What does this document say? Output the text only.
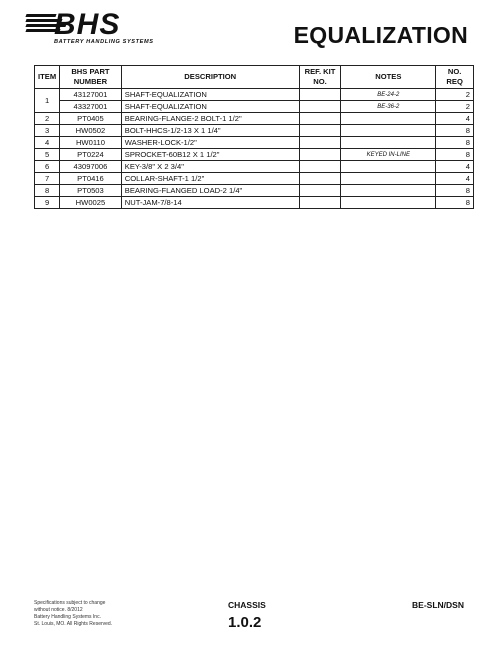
BHS
BATTERY HANDLING SYSTEMS	EQUALIZATION
ITEM	BHS PART NUMBER	DESCRIPTION	REF. KIT NO.	NOTES	NO. REQ
1	43127001	SHAFT-EQUALIZATION		BE-24-2	2
	43327001	SHAFT-EQUALIZATION		BE-36-2	2
2	PT0405	BEARING-FLANGE-2 BOLT-1 1/2"			4
3	HW0502	BOLT-HHCS-1/2-13 X 1 1/4"			8
4	HW0110	WASHER-LOCK-1/2"			8
5	PT0224	SPROCKET-60B12 X 1 1/2"		KEYED IN-LINE	8
6	43097006	KEY-3/8" X 2 3/4"			4
7	PT0416	COLLAR-SHAFT-1 1/2"			4
8	PT0503	BEARING-FLANGED LOAD-2 1/4"			8
9	HW0025	NUT-JAM-7/8-14			8
Specifications subject to change
without notice. 8/2012
Battery Handling Systems Inc.
St. Louis, MO. All Rights Reserved.
CHASSIS
1.0.2
BE-SLN/DSN
